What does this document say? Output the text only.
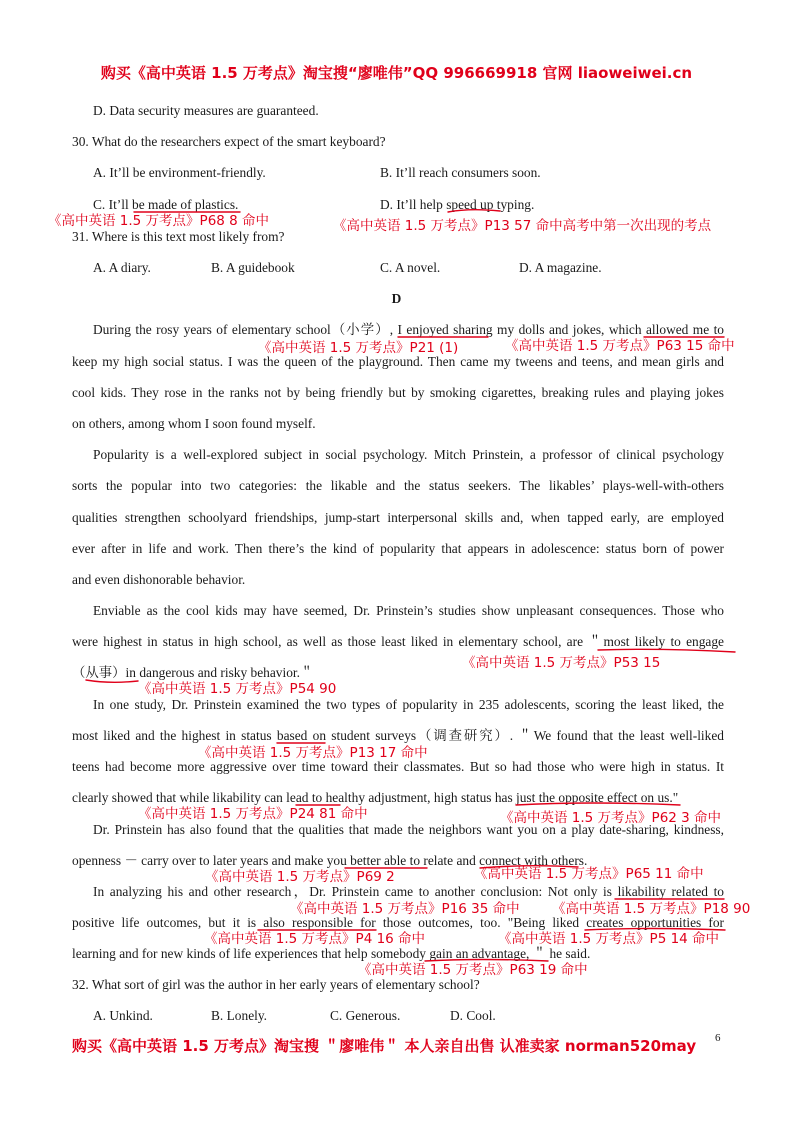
购买《高中英语 1.5 万考点》淘宝搜“廖唯伟”QQ 996669918 官网 liaoweiwei.cn
D. Data security measures are guaranteed.
30. What do the researchers expect of the smart keyboard?
A. It’ll be environment-friendly.	B. It’ll reach consumers soon.
C. It’ll be made of plastics.	D. It’ll help speed up typing.
《高中英语 1.5 万考点》P68 8 命中	《高中英语 1.5 万考点》P13 57 命中高考中第一次出现的考点
31. Where is this text most likely from?
A. A diary.	B. A guidebook	C. A novel.	D. A magazine.
D
During the rosy years of elementary school（小学）, I enjoyed sharing my dolls and jokes, which allowed me to
《高中英语 1.5 万考点》P21 (1)	《高中英语 1.5 万考点》P63 15 命中
keep my high social status. I was the queen of the playground. Then came my tweens and teens, and mean girls and
cool kids. They rose in the ranks not by being friendly but by smoking cigarettes, breaking rules and playing jokes
on others, among whom I soon found myself.
Popularity is a well-explored subject in social psychology. Mitch Prinstein, a professor of clinical psychology
sorts the popular into two categories: the likable and the status seekers. The likables’ plays-well-with-others
qualities strengthen schoolyard friendships, jump-start interpersonal skills and, when tapped early, are employed
ever after in life and work. Then there’s the kind of popularity that appears in adolescence: status born of power
and even dishonorable behavior.
Enviable as the cool kids may have seemed, Dr. Prinstein’s studies show unpleasant consequences. Those who
were highest in status in high school, as well as those least liked in elementary school, are ＂most likely to engage
《高中英语 1.5 万考点》P53 15
（从事）in dangerous and risky behavior.＂
《高中英语 1.5 万考点》P54 90
In one study, Dr. Prinstein examined the two types of popularity in 235 adolescents, scoring the least liked, the
most liked and the highest in status based on student surveys（调查研究）. ＂We found that the least well-liked
《高中英语 1.5 万考点》P13 17 命中
teens had become more aggressive over time toward their classmates. But so had those who were high in status. It
clearly showed that while likability can lead to healthy adjustment, high status has just the opposite effect on us."
《高中英语 1.5 万考点》P24 81 命中	《高中英语 1.5 万考点》P62 3 命中
Dr. Prinstein has also found that the qualities that made the neighbors want you on a play date-sharing, kindness,
openness － carry over to later years and make you better able to relate and connect with others.
《高中英语 1.5 万考点》P69 2	《高中英语 1.5 万考点》P65 11 命中
In analyzing his and other research，Dr. Prinstein came to another conclusion: Not only is likability related to
《高中英语 1.5 万考点》P16 35 命中 《高中英语 1.5 万考点》P18 90
positive life outcomes, but it is also responsible for those outcomes, too. "Being liked creates opportunities for
《高中英语 1.5 万考点》P4 16 命中	《高中英语 1.5 万考点》P5 14 命中
learning and for new kinds of life experiences that help somebody gain an advantage, ＂ he said.
《高中英语 1.5 万考点》P63 19 命中
32. What sort of girl was the author in her early years of elementary school?
A. Unkind.	B. Lonely.	C. Generous.	D. Cool.
6
购买《高中英语 1.5 万考点》淘宝搜 ＂廖唯伟＂ 本人亲自出售 认准卖家 norman520may
